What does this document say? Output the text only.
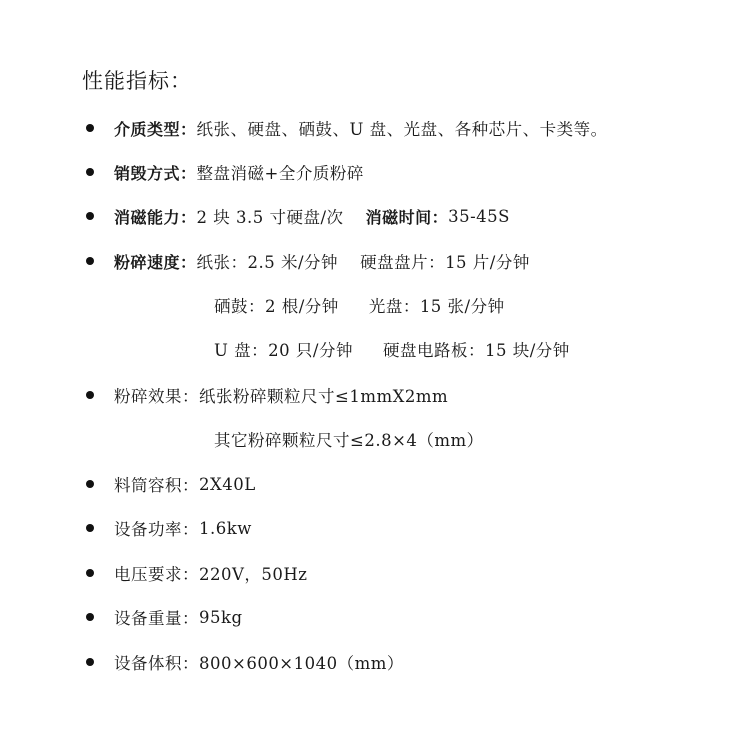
性能指标：
介质类型： 纸张、硬盘、硒鼓、U 盘、光盘、各种芯片、卡类等。
销毁方式： 整盘消磁+全介质粉碎
消磁能力： 2 块 3.5 寸硬盘/次 消磁时间： 35-45S
粉碎速度： 纸张：2.5 米/分钟 硬盘盘片：15 片/分钟
硒鼓：2 根/分钟 光盘：15 张/分钟
U 盘：20 只/分钟 硬盘电路板：15 块/分钟
粉碎效果： 纸张粉碎颗粒尺寸≤1mmX2mm
其它粉碎颗粒尺寸≤2.8×4（mm）
料筒容积： 2X40L
设备功率： 1.6kw
电压要求： 220V，50Hz
设备重量： 95kg
设备体积： 800×600×1040（mm）
